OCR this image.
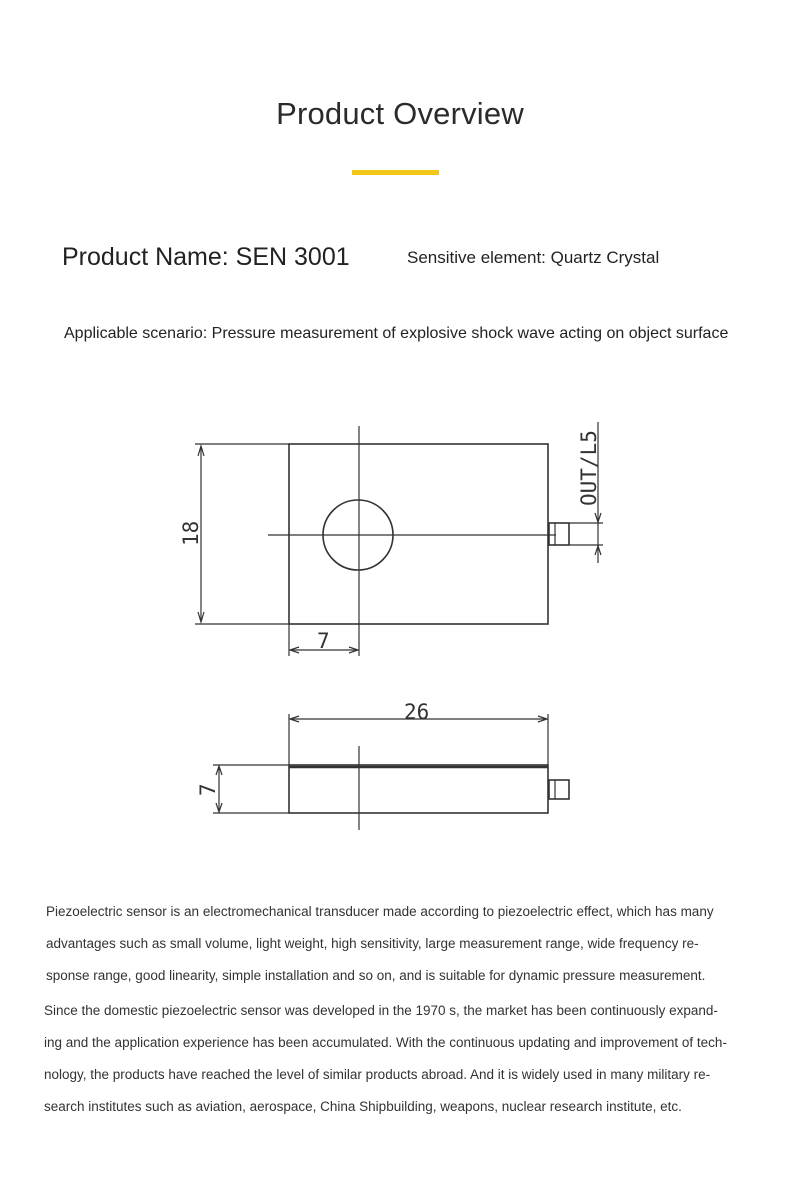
Product Overview
Product Name: SEN 3001	Sensitive element: Quartz Crystal
Applicable scenario: Pressure measurement of explosive shock wave acting on object surface
18
7
OUT/L5
26
7
Piezoelectric sensor is an electromechanical transducer made according to piezoelectric effect, which has many
advantages such as small volume, light weight, high sensitivity, large measurement range, wide frequency re-
sponse range, good linearity, simple installation and so on, and is suitable for dynamic pressure measurement.
Since the domestic piezoelectric sensor was developed in the 1970 s, the market has been continuously expand-
ing and the application experience has been accumulated. With the continuous updating and improvement of tech-
nology, the products have reached the level of similar products abroad. And it is widely used in many military re-
search institutes such as aviation, aerospace, China Shipbuilding, weapons, nuclear research institute, etc.
